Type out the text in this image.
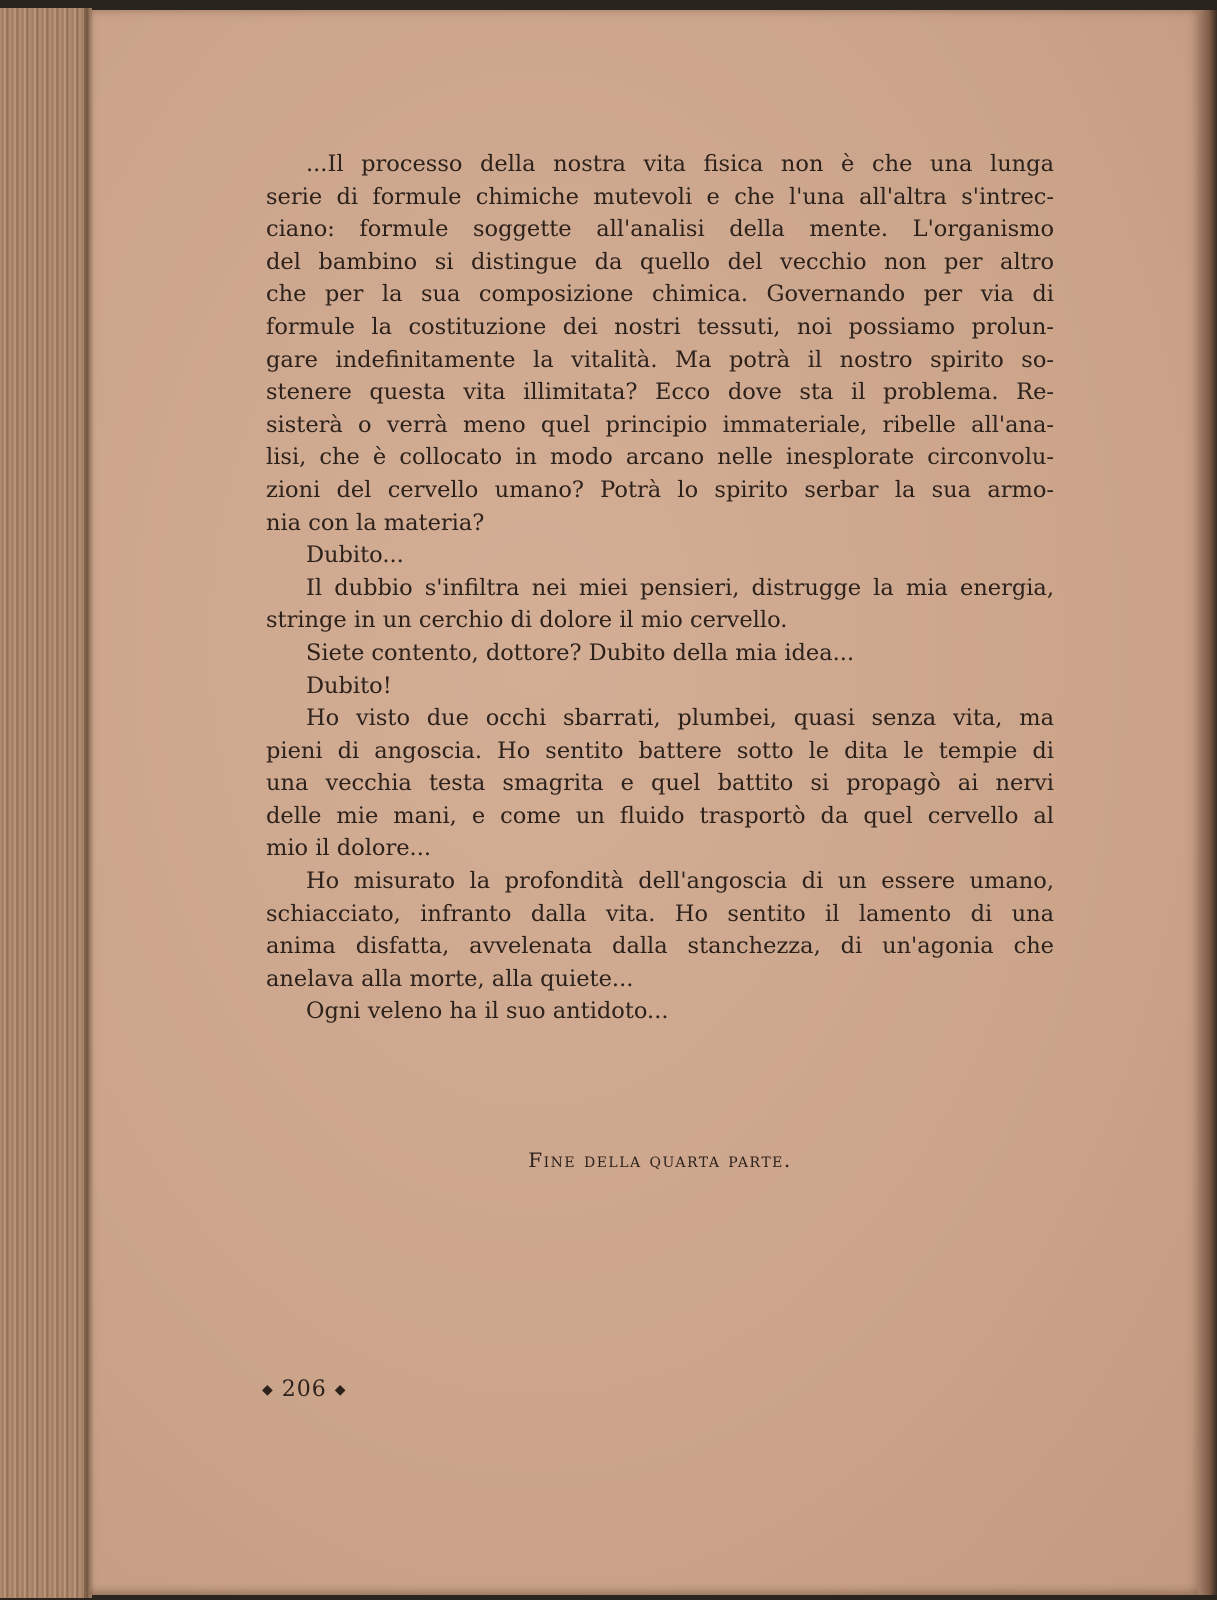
...Il processo della nostra vita fisica non è che una lunga
serie di formule chimiche mutevoli e che l'una all'altra s'intrec-
ciano: formule soggette all'analisi della mente. L'organismo
del bambino si distingue da quello del vecchio non per altro
che per la sua composizione chimica. Governando per via di
formule la costituzione dei nostri tessuti, noi possiamo prolun-
gare indefinitamente la vitalità. Ma potrà il nostro spirito so-
stenere questa vita illimitata? Ecco dove sta il problema. Re-
sisterà o verrà meno quel principio immateriale, ribelle all'ana-
lisi, che è collocato in modo arcano nelle inesplorate circonvolu-
zioni del cervello umano? Potrà lo spirito serbar la sua armo-
nia con la materia?
Dubito...
Il dubbio s'infiltra nei miei pensieri, distrugge la mia energia,
stringe in un cerchio di dolore il mio cervello.
Siete contento, dottore? Dubito della mia idea...
Dubito!
Ho visto due occhi sbarrati, plumbei, quasi senza vita, ma
pieni di angoscia. Ho sentito battere sotto le dita le tempie di
una vecchia testa smagrita e quel battito si propagò ai nervi
delle mie mani, e come un fluido trasportò da quel cervello al
mio il dolore...
Ho misurato la profondità dell'angoscia di un essere umano,
schiacciato, infranto dalla vita. Ho sentito il lamento di una
anima disfatta, avvelenata dalla stanchezza, di un'agonia che
anelava alla morte, alla quiete...
Ogni veleno ha il suo antidoto...
Fine della quarta parte.
◆ 206 ◆
